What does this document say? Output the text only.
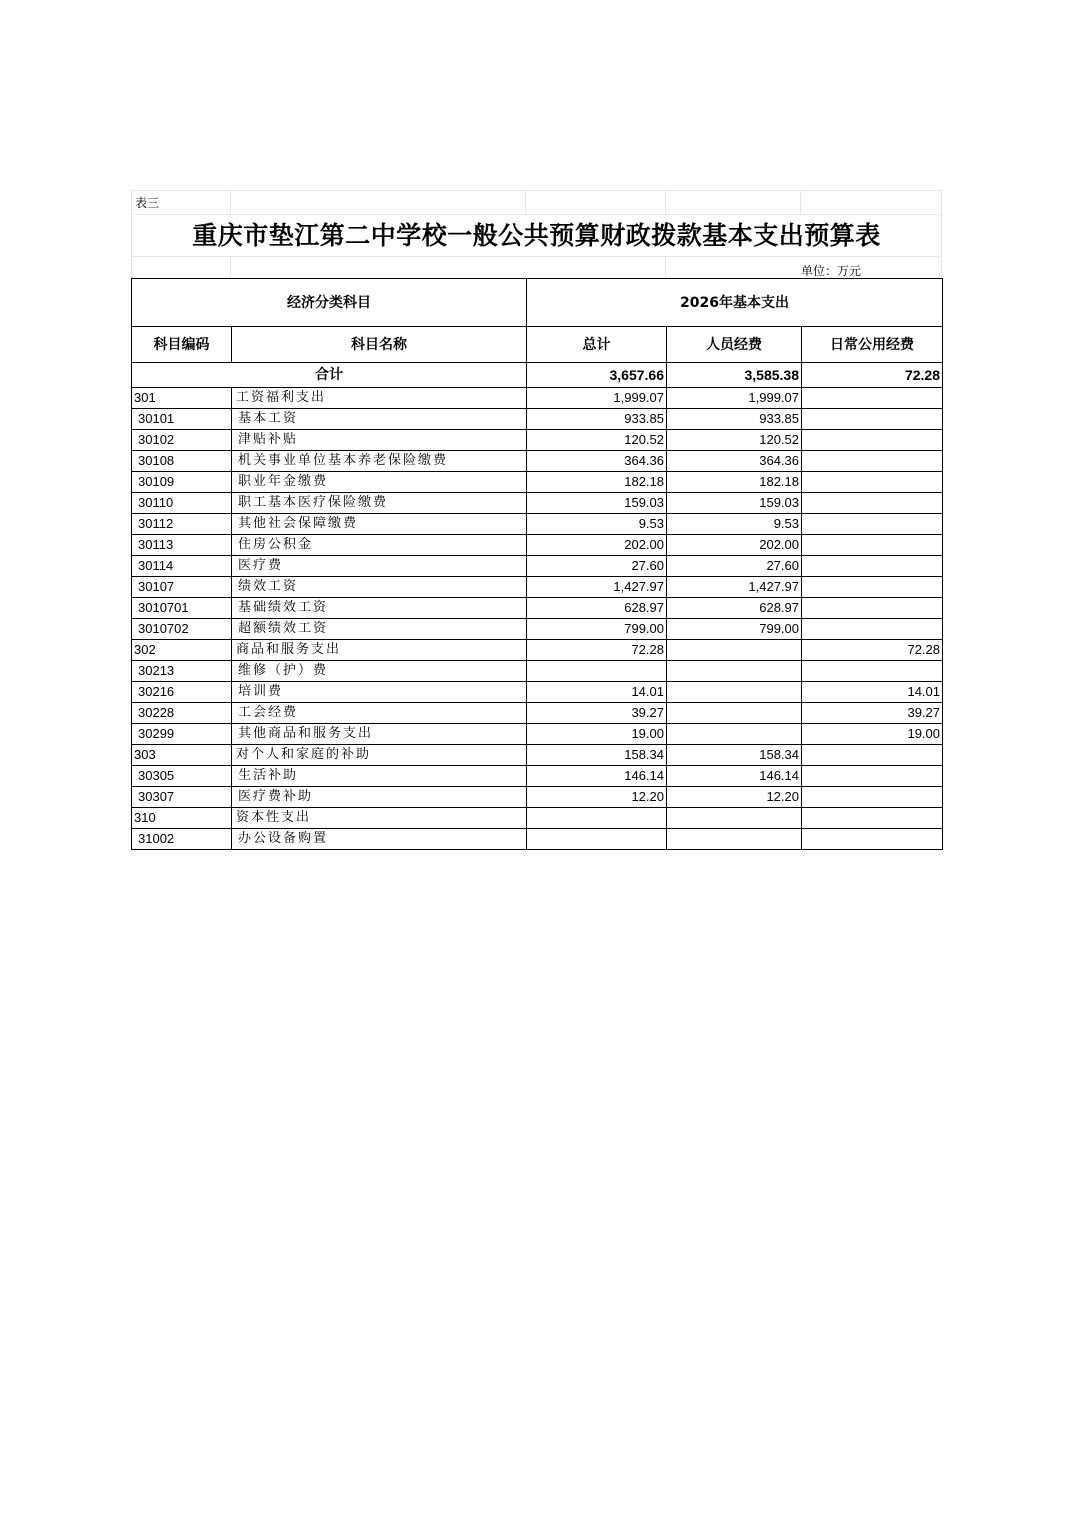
表三
重庆市垫江第二中学校一般公共预算财政拨款基本支出预算表
单位：万元
经济分类科目		2026年基本支出		
科目编码	科目名称	总计	人员经费	日常公用经费
合计		3,657.66	3,585.38	72.28
301	工资福利支出	1,999.07	1,999.07	
30101	基本工资	933.85	933.85	
30102	津贴补贴	120.52	120.52	
30108	机关事业单位基本养老保险缴费	364.36	364.36	
30109	职业年金缴费	182.18	182.18	
30110	职工基本医疗保险缴费	159.03	159.03	
30112	其他社会保障缴费	9.53	9.53	
30113	住房公积金	202.00	202.00	
30114	医疗费	27.60	27.60	
30107	绩效工资	1,427.97	1,427.97	
3010701	基础绩效工资	628.97	628.97	
3010702	超额绩效工资	799.00	799.00	
302	商品和服务支出	72.28		72.28
30213	维修（护）费			
30216	培训费	14.01		14.01
30228	工会经费	39.27		39.27
30299	其他商品和服务支出	19.00		19.00
303	对个人和家庭的补助	158.34	158.34	
30305	生活补助	146.14	146.14	
30307	医疗费补助	12.20	12.20	
310	资本性支出			
31002	办公设备购置			
